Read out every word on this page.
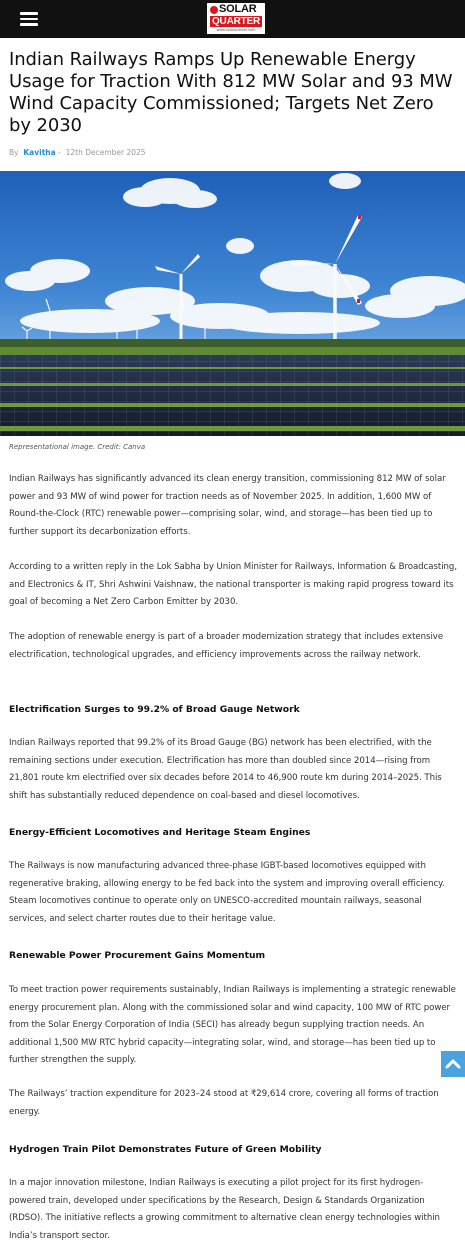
SOLAR
QUARTER
www.solarquarter.com
Indian Railways Ramps Up Renewable Energy Usage for Traction With 812 MW Solar and 93 MW Wind Capacity Commissioned; Targets Net Zero by 2030
By Kavitha - 12th December 2025
Representational image. Credit: Canva

Indian Railways has significantly advanced its clean energy transition, commissioning 812 MW of solar power and 93 MW of wind power for traction needs as of November 2025. In addition, 1,600 MW of Round-the-Clock (RTC) renewable power—comprising solar, wind, and storage—has been tied up to further support its decarbonization efforts.

According to a written reply in the Lok Sabha by Union Minister for Railways, Information & Broadcasting, and Electronics & IT, Shri Ashwini Vaishnaw, the national transporter is making rapid progress toward its goal of becoming a Net Zero Carbon Emitter by 2030.

The adoption of renewable energy is part of a broader modernization strategy that includes extensive electrification, technological upgrades, and efficiency improvements across the railway network.

Electrification Surges to 99.2% of Broad Gauge Network

Indian Railways reported that 99.2% of its Broad Gauge (BG) network has been electrified, with the remaining sections under execution. Electrification has more than doubled since 2014—rising from 21,801 route km electrified over six decades before 2014 to 46,900 route km during 2014–2025. This shift has substantially reduced dependence on coal-based and diesel locomotives.

Energy-Efficient Locomotives and Heritage Steam Engines

The Railways is now manufacturing advanced three-phase IGBT-based locomotives equipped with regenerative braking, allowing energy to be fed back into the system and improving overall efficiency. Steam locomotives continue to operate only on UNESCO-accredited mountain railways, seasonal services, and select charter routes due to their heritage value.

Renewable Power Procurement Gains Momentum

To meet traction power requirements sustainably, Indian Railways is implementing a strategic renewable energy procurement plan. Along with the commissioned solar and wind capacity, 100 MW of RTC power from the Solar Energy Corporation of India (SECI) has already begun supplying traction needs. An additional 1,500 MW RTC hybrid capacity—integrating solar, wind, and storage—has been tied up to further strengthen the supply.

The Railways’ traction expenditure for 2023–24 stood at ₹29,614 crore, covering all forms of traction energy.

Hydrogen Train Pilot Demonstrates Future of Green Mobility

In a major innovation milestone, Indian Railways is executing a pilot project for its first hydrogen-powered train, developed under specifications by the Research, Design & Standards Organization (RDSO). The initiative reflects a growing commitment to alternative clean energy technologies within India’s transport sector.
